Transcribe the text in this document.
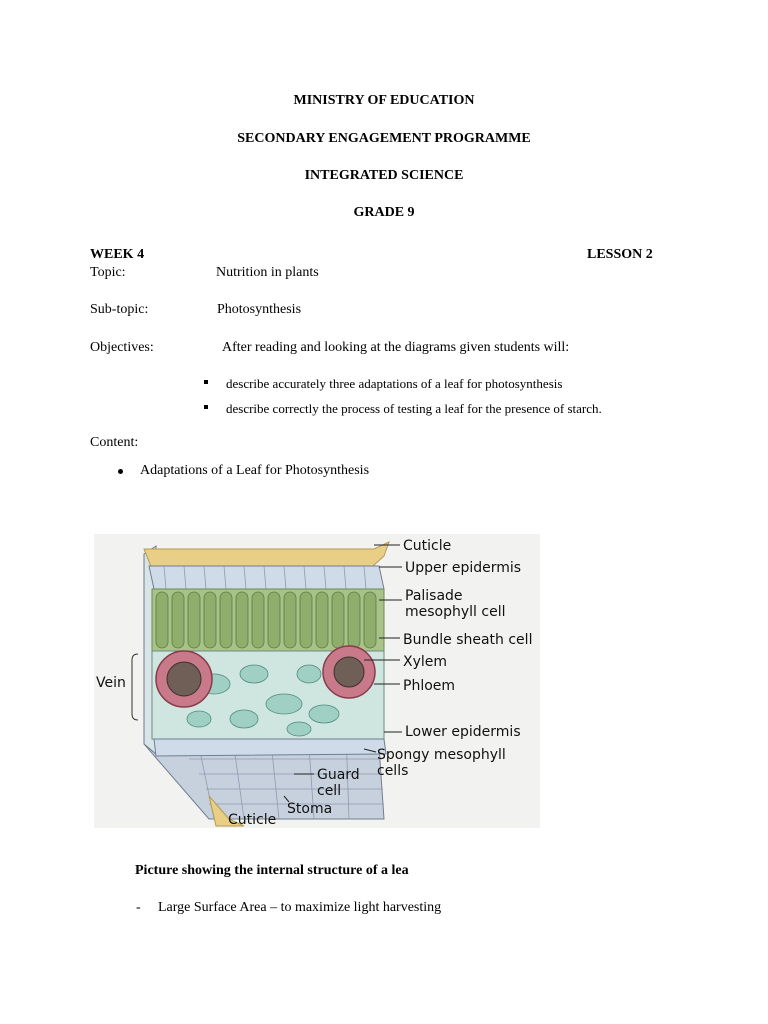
MINISTRY OF EDUCATION
SECONDARY ENGAGEMENT PROGRAMME
INTEGRATED SCIENCE
GRADE 9
WEEK 4	LESSON 2
Topic:	Nutrition in plants
Sub-topic:	Photosynthesis
Objectives:	After reading and looking at the diagrams given students will:
describe accurately three adaptations of a leaf for photosynthesis
describe correctly the process of testing a leaf for the presence of starch.
Content:
Adaptations of a Leaf for Photosynthesis
Cuticle
Upper epidermis
Palisade
mesophyll cell
Bundle sheath cell
Xylem
Phloem
Lower epidermis
Spongy mesophyll
cells
Guard
cell
Stoma
Cuticle
Vein
Picture showing the internal structure of a lea
- Large Surface Area – to maximize light harvesting
